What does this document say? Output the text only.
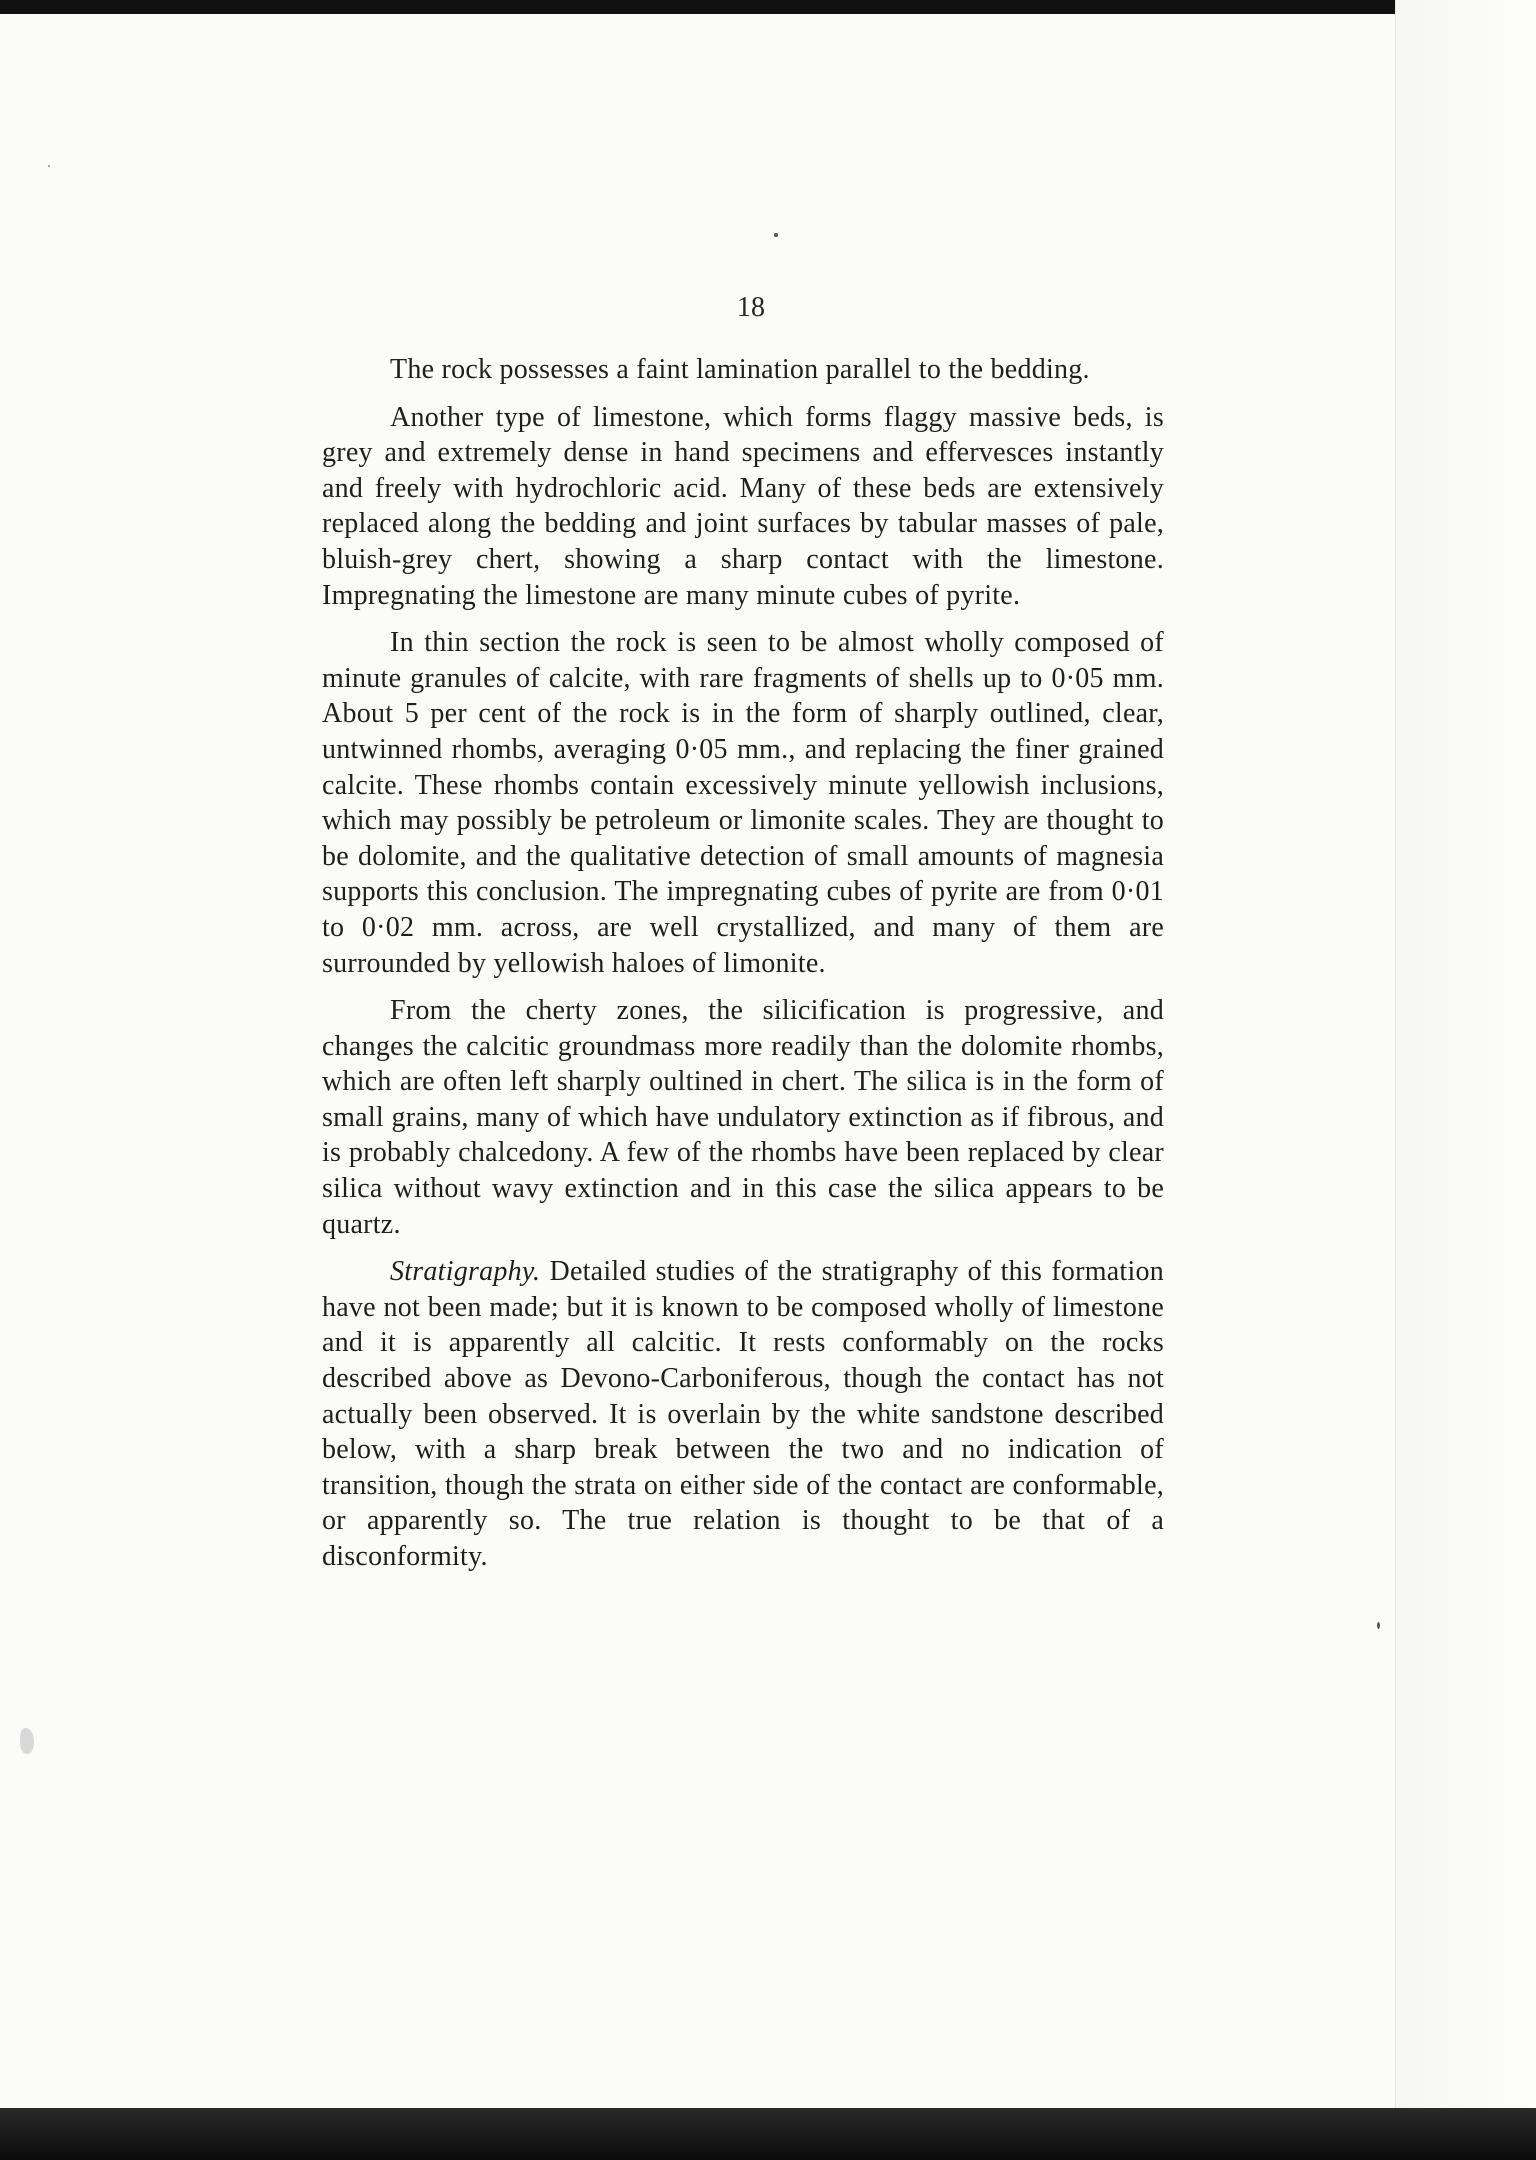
18

The rock possesses a faint lamination parallel to the bedding.

Another type of limestone, which forms flaggy massive beds, is grey and extremely dense in hand specimens and effervesces instantly and freely with hydrochloric acid. Many of these beds are extensively replaced along the bedding and joint surfaces by tabular masses of pale, bluish-grey chert, showing a sharp contact with the limestone. Impregnating the limestone are many minute cubes of pyrite.

In thin section the rock is seen to be almost wholly composed of minute granules of calcite, with rare fragments of shells up to 0·05 mm. About 5 per cent of the rock is in the form of sharply outlined, clear, untwinned rhombs, averaging 0·05 mm., and replacing the finer grained calcite. These rhombs contain excessively minute yellowish inclusions, which may possibly be petroleum or limonite scales. They are thought to be dolomite, and the qualitative detection of small amounts of magnesia supports this conclusion. The impregnating cubes of pyrite are from 0·01 to 0·02 mm. across, are well crystallized, and many of them are surrounded by yellowish haloes of limonite.

From the cherty zones, the silicification is progressive, and changes the calcitic groundmass more readily than the dolomite rhombs, which are often left sharply oultined in chert. The silica is in the form of small grains, many of which have undulatory extinction as if fibrous, and is probably chalcedony. A few of the rhombs have been replaced by clear silica without wavy extinction and in this case the silica appears to be quartz.

Stratigraphy. Detailed studies of the stratigraphy of this formation have not been made; but it is known to be composed wholly of limestone and it is apparently all calcitic. It rests conformably on the rocks described above as Devono-Carboniferous, though the contact has not actually been observed. It is overlain by the white sandstone described below, with a sharp break between the two and no indication of transition, though the strata on either side of the contact are conformable, or apparently so. The true relation is thought to be that of a disconformity.
